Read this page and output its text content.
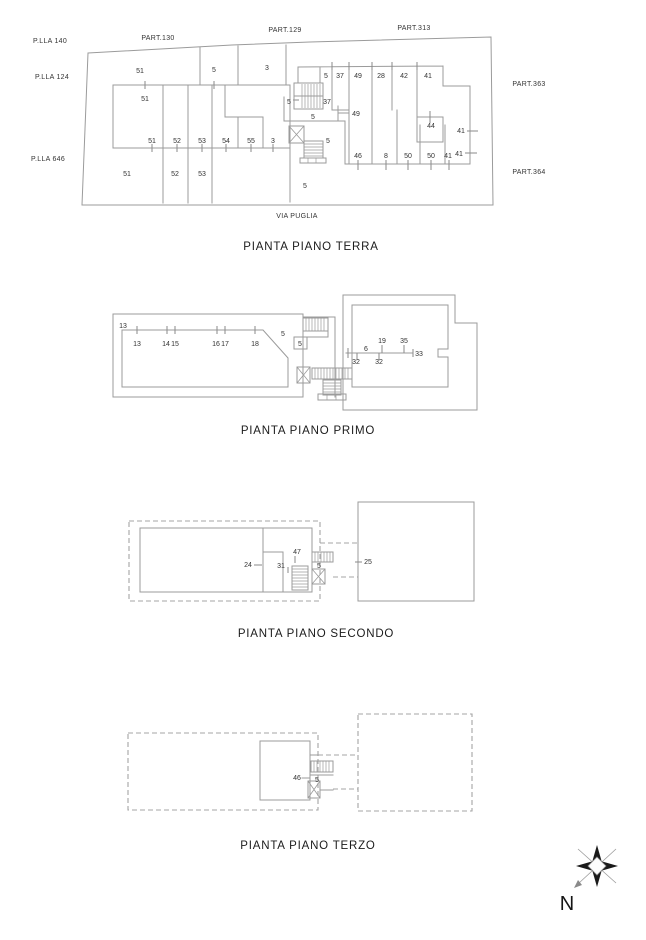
51	5	3
51
51 52 53 54 55 3
51	52	53
5
5	37
5	49
5
5 37 49 28 42 41
44
41
46	8 50 50 41 41
P.LLA 140	PART.130
PART.129	PART.313
P.LLA 124
PART.363
P.LLA 646
PART.364
VIA PUGLIA
PIANTA PIANO TERRA
13
13	14 15	16 17	18
5
5	19 35
6
33
32 32
PIANTA PIANO PRIMO
24	31
47
5
25
PIANTA PIANO SECONDO
46 5
PIANTA PIANO TERZO
N
